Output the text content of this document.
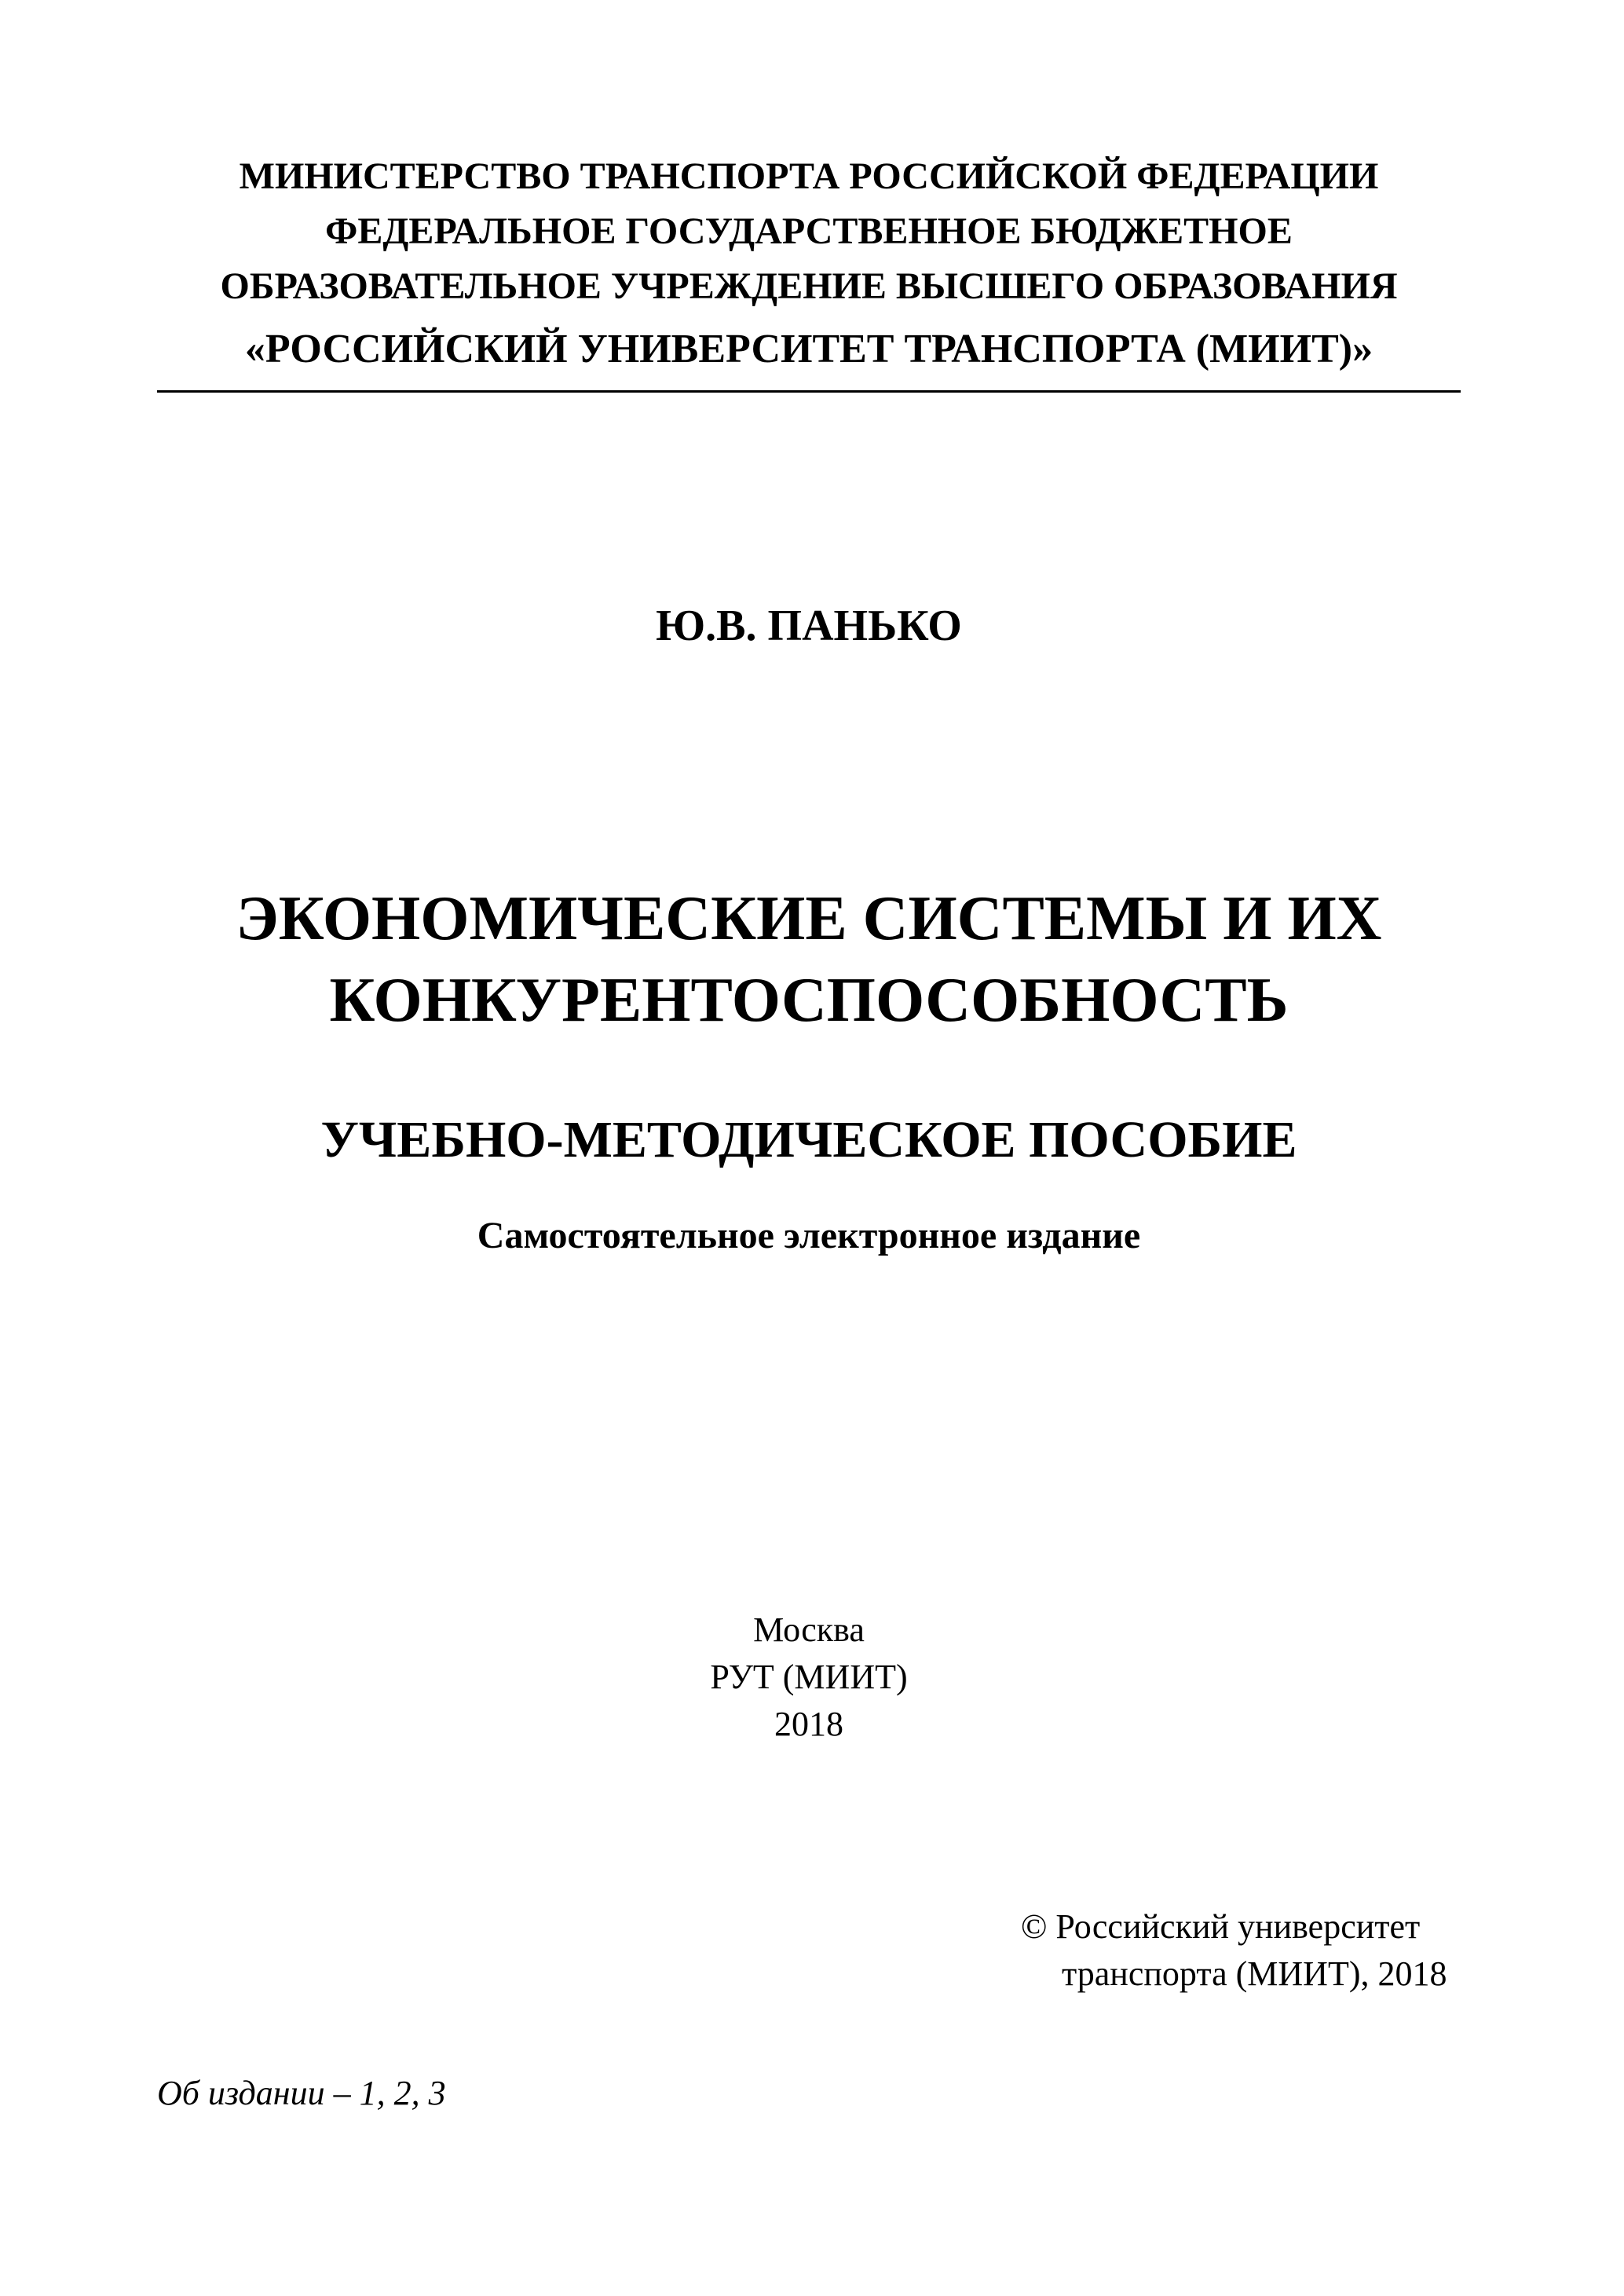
МИНИСТЕРСТВО ТРАНСПОРТА РОССИЙСКОЙ ФЕДЕРАЦИИ
ФЕДЕРАЛЬНОЕ ГОСУДАРСТВЕННОЕ БЮДЖЕТНОЕ
ОБРАЗОВАТЕЛЬНОЕ УЧРЕЖДЕНИЕ ВЫСШЕГО ОБРАЗОВАНИЯ
«РОССИЙСКИЙ УНИВЕРСИТЕТ ТРАНСПОРТА (МИИТ)»
Ю.В. ПАНЬКО
ЭКОНОМИЧЕСКИЕ СИСТЕМЫ И ИХ
КОНКУРЕНТОСПОСОБНОСТЬ
УЧЕБНО-МЕТОДИЧЕСКОЕ ПОСОБИЕ
Самостоятельное электронное издание
Москва
РУТ (МИИТ)
2018
© Российский университет
транспорта (МИИТ), 2018
Об издании – 1, 2, 3
